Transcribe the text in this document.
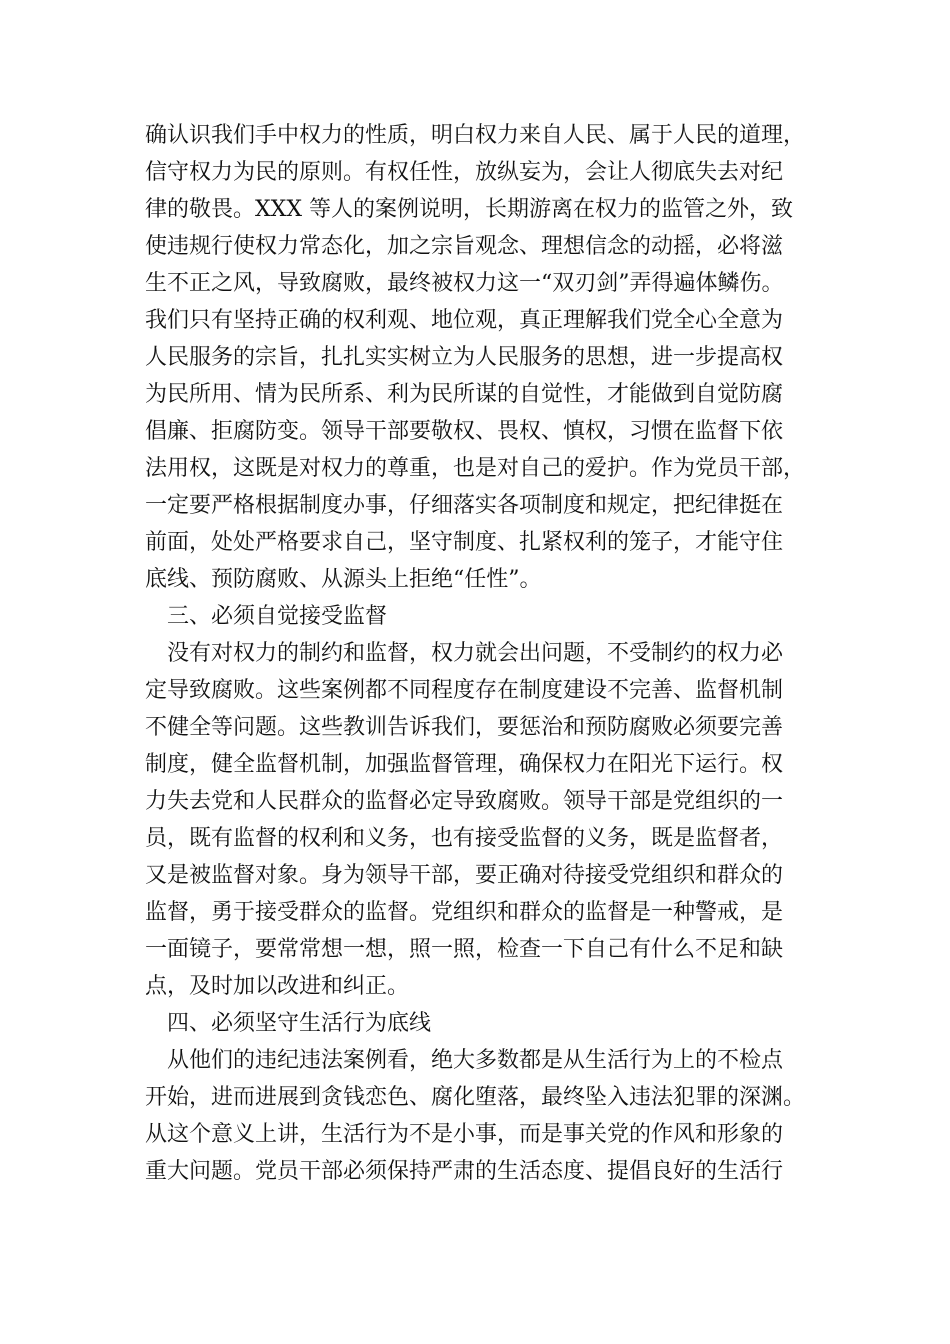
确认识我们手中权力的性质，明白权力来自人民、属于人民的道理，
信守权力为民的原则。有权任性，放纵妄为，会让人彻底失去对纪
律的敬畏。XXX 等人的案例说明，长期游离在权力的监管之外，致
使违规行使权力常态化，加之宗旨观念、理想信念的动摇，必将滋
生不正之风，导致腐败，最终被权力这一“双刃剑”弄得遍体鳞伤。
我们只有坚持正确的权利观、地位观，真正理解我们党全心全意为
人民服务的宗旨，扎扎实实树立为人民服务的思想，进一步提高权
为民所用、情为民所系、利为民所谋的自觉性，才能做到自觉防腐
倡廉、拒腐防变。领导干部要敬权、畏权、慎权，习惯在监督下依
法用权，这既是对权力的尊重，也是对自己的爱护。作为党员干部，
一定要严格根据制度办事，仔细落实各项制度和规定，把纪律挺在
前面，处处严格要求自己，坚守制度、扎紧权利的笼子，才能守住
底线、预防腐败、从源头上拒绝“任性”。
三、必须自觉接受监督
没有对权力的制约和监督，权力就会出问题，不受制约的权力必
定导致腐败。这些案例都不同程度存在制度建设不完善、监督机制
不健全等问题。这些教训告诉我们，要惩治和预防腐败必须要完善
制度，健全监督机制，加强监督管理，确保权力在阳光下运行。权
力失去党和人民群众的监督必定导致腐败。领导干部是党组织的一
员，既有监督的权利和义务，也有接受监督的义务，既是监督者，
又是被监督对象。身为领导干部，要正确对待接受党组织和群众的
监督，勇于接受群众的监督。党组织和群众的监督是一种警戒，是
一面镜子，要常常想一想，照一照，检查一下自己有什么不足和缺
点，及时加以改进和纠正。
四、必须坚守生活行为底线
从他们的违纪违法案例看，绝大多数都是从生活行为上的不检点
开始，进而进展到贪钱恋色、腐化堕落，最终坠入违法犯罪的深渊。
从这个意义上讲，生活行为不是小事，而是事关党的作风和形象的
重大问题。党员干部必须保持严肃的生活态度、提倡良好的生活行
